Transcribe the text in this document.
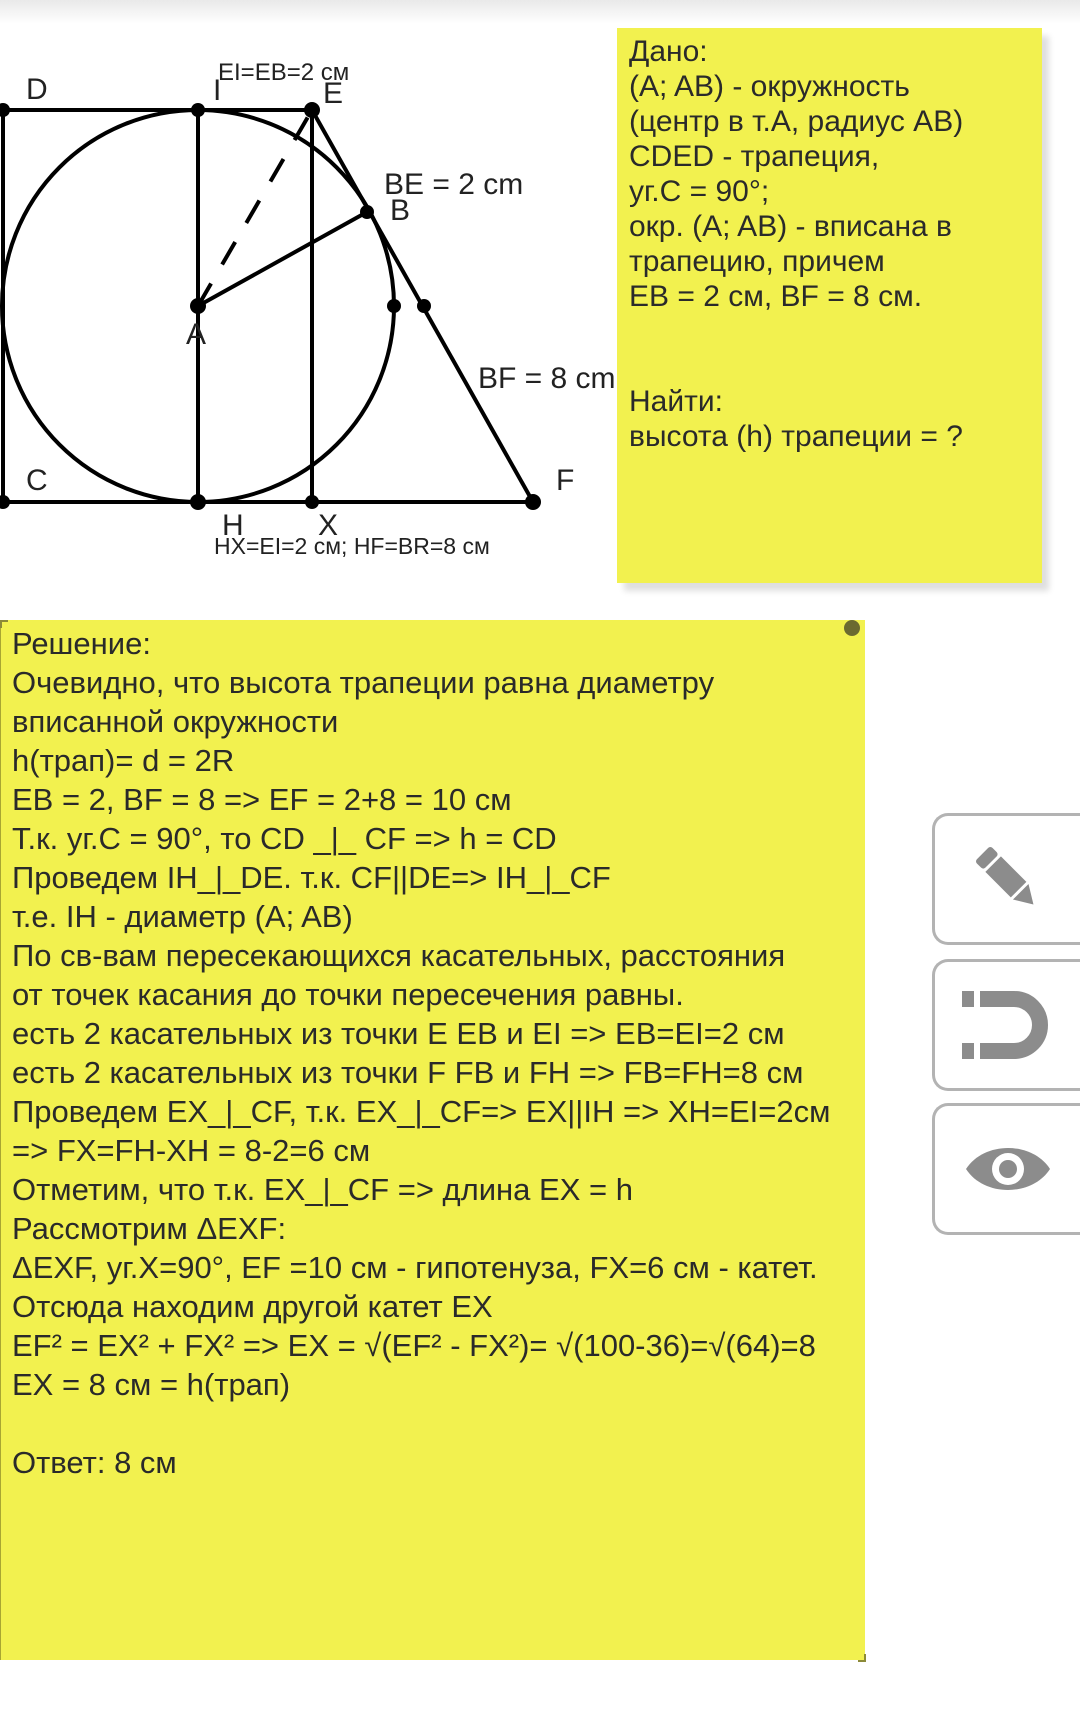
D	I	E
B
A
C
H X
F
EI=EB=2 см
BE = 2 cm
BF = 8 cm
HX=EI=2 см; HF=BR=8 см
Дано:
(A; AB) - окружность
(центр в т.A, радиус AB)
CDED - трапеция,
уг.C = 90°;
окр. (A; AB) - вписана в
трапецию, причем
EB = 2 см, BF = 8 см.
Найти:
высота (h) трапеции = ?
Решение:
Очевидно, что высота трапеции равна диаметру
вписанной окружности
h(трап)= d = 2R
EB = 2, BF = 8 => EF = 2+8 = 10 см
Т.к. уг.C = 90°, то CD _|_ CF => h = CD
Проведем IH_|_DE. т.к. CF||DE=> IH_|_CF
т.е. IH - диаметр (A; AB)
По св-вам пересекающихся касательных, расстояния
от точек касания до точки пересечения равны.
есть 2 касательных из точки E EB и EI => EB=EI=2 см
есть 2 касательных из точки F FB и FH => FB=FH=8 см
Проведем EX_|_CF, т.к. EX_|_CF=> EX||IH => XH=EI=2см
=> FX=FH-XH = 8-2=6 см
Отметим, что т.к. EX_|_CF => длина EX = h
Рассмотрим ΔEXF:
ΔEXF, уг.X=90°, EF =10 см - гипотенуза, FX=6 см - катет.
Отсюда находим другой катет EX
EF² = EX² + FX² => EX = √(EF² - FX²)= √(100-36)=√(64)=8
EX = 8 см = h(трап)
Ответ: 8 см
